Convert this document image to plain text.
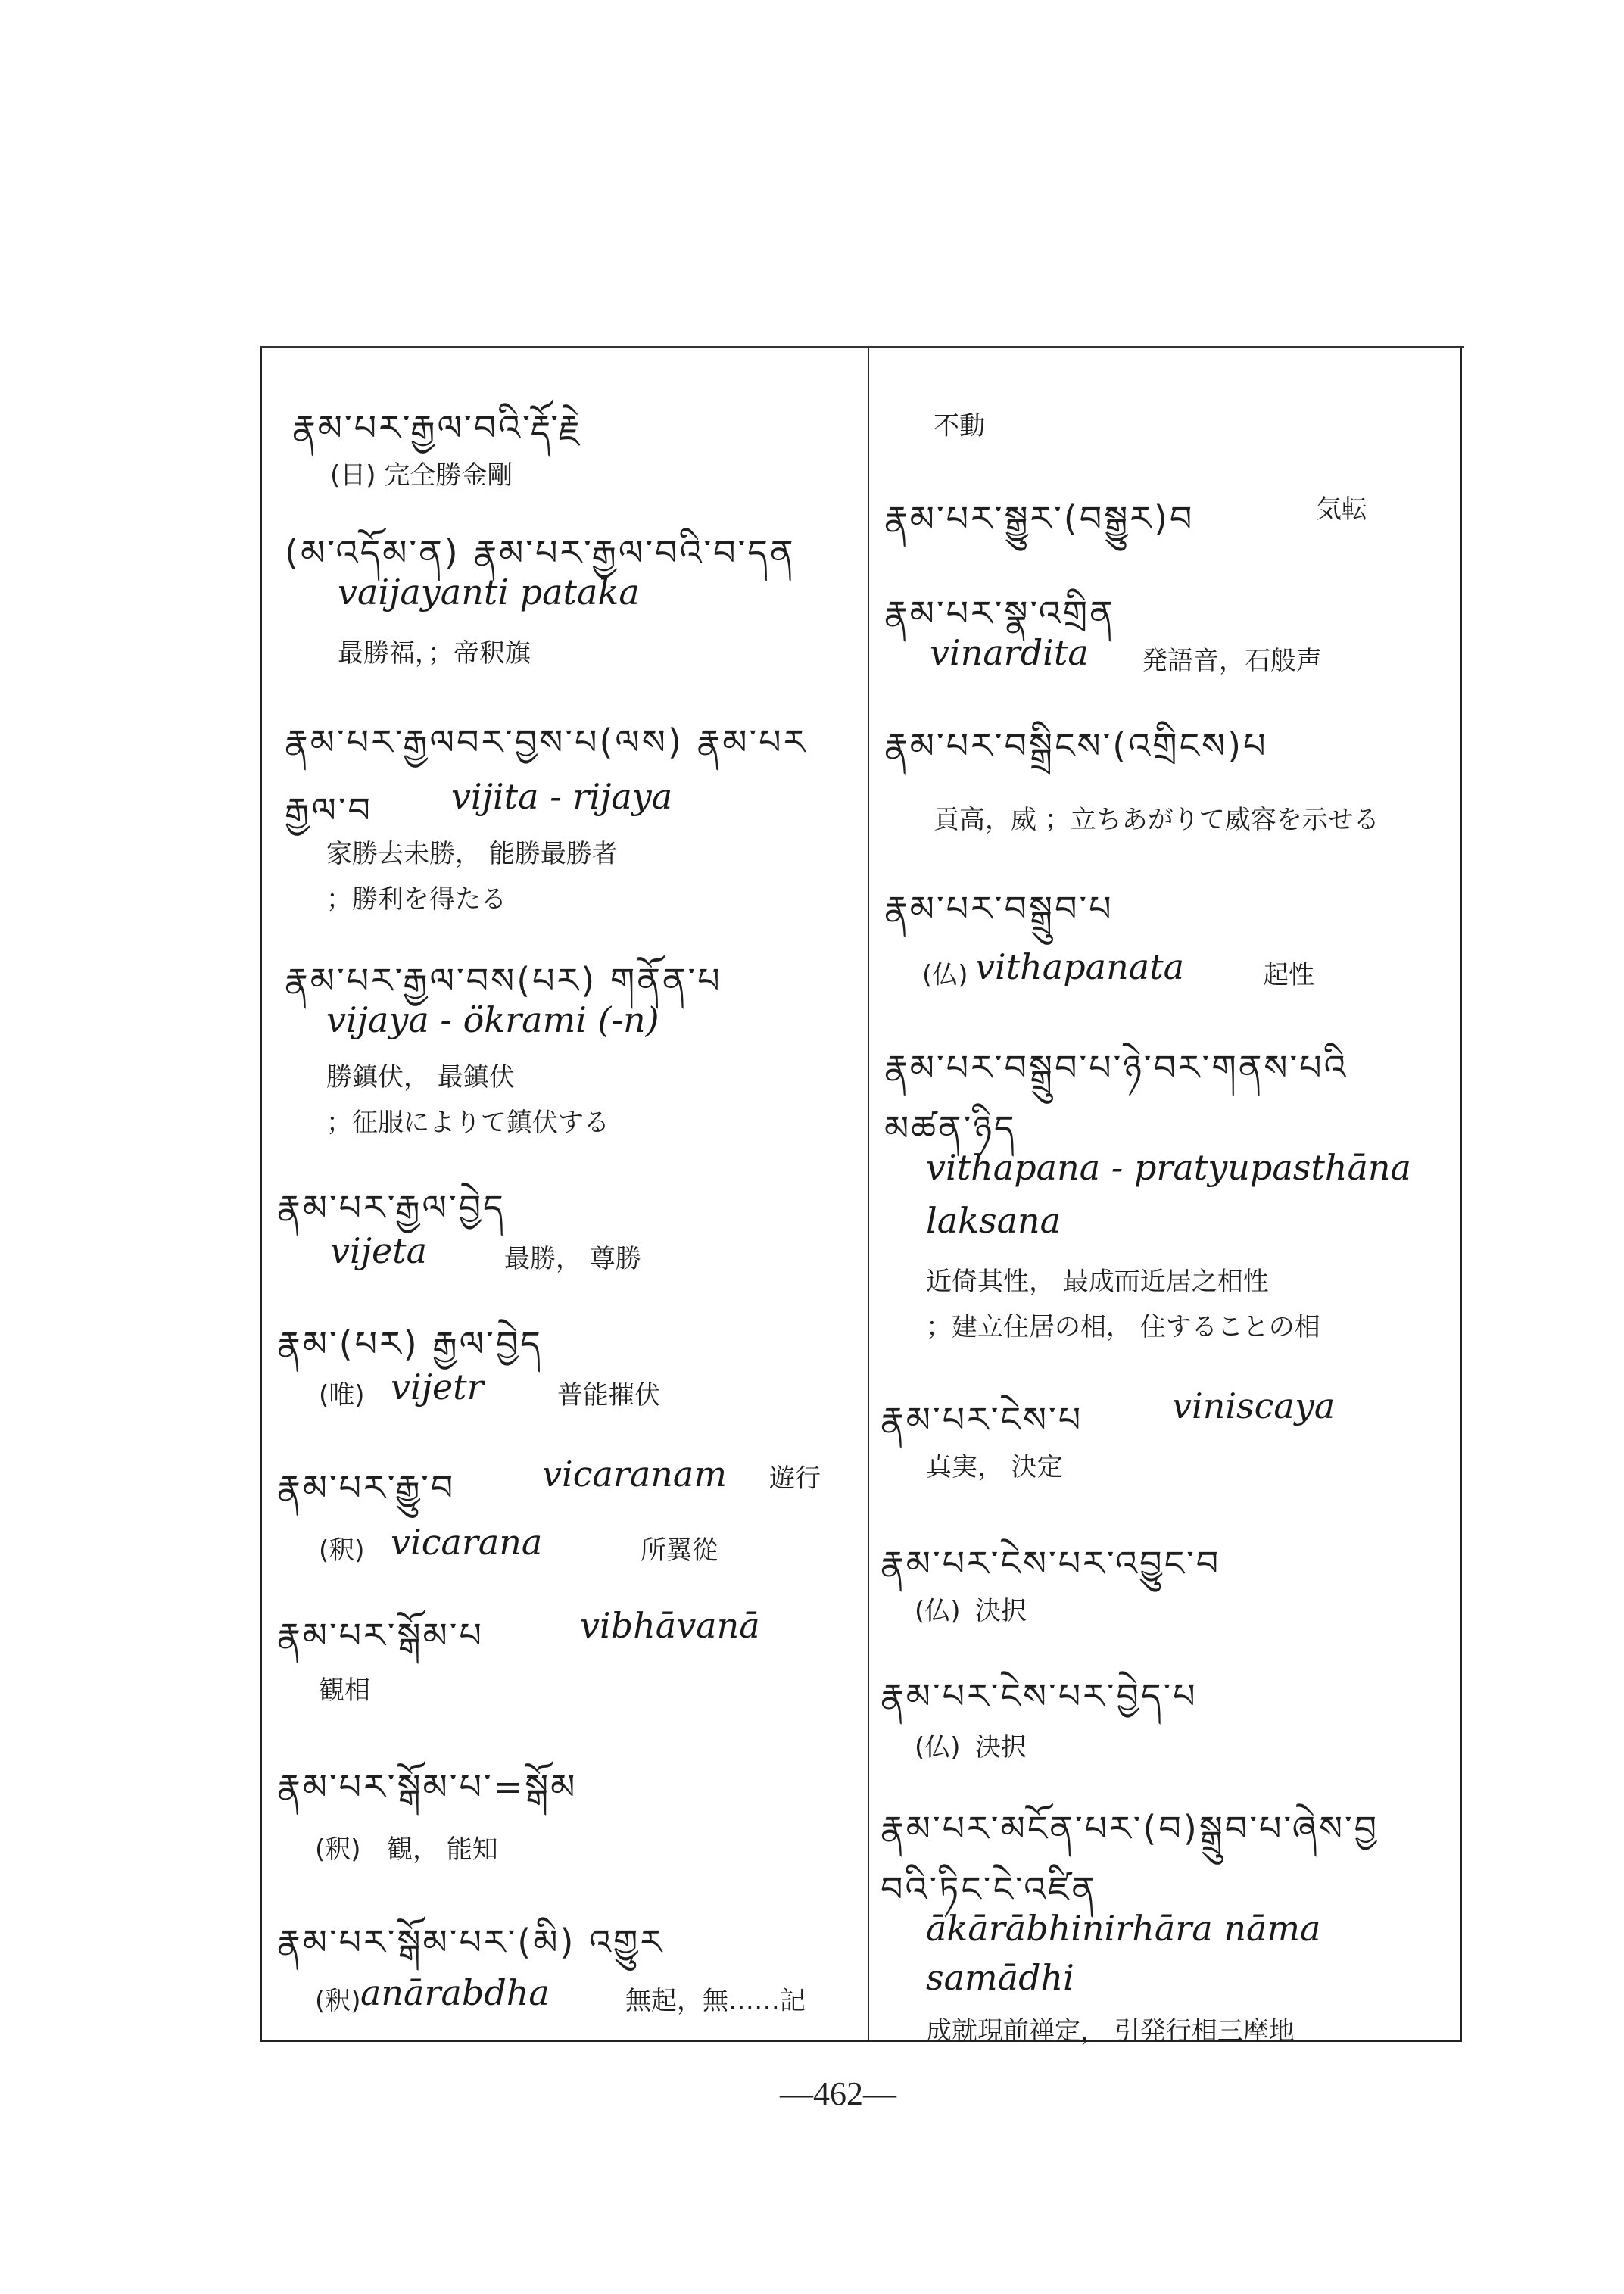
རྣམ་པར་རྒྱལ་བའི་རྡོ་རྗེ
(日) 完全勝金剛
(མ་འདོམ་ན) རྣམ་པར་རྒྱལ་བའི་བ་དན
vaijayanti pataka
最勝福，；帝釈旗
རྣམ་པར་རྒྱལབར་བྱས་པ(ལས) རྣམ་པར
རྒྱལ་བ vijita - rijaya
家勝去未勝， 能勝最勝者
；勝利を得たる
རྣམ་པར་རྒྱལ་བས(པར) གནོན་པ
vijaya - ökrami (-n)
勝鎮伏， 最鎮伏
；征服によりて鎮伏する
རྣམ་པར་རྒྱལ་བྱེད
vijeta	最勝， 尊勝
རྣམ་(པར) རྒྱལ་བྱེད
(唯) vijetr	普能摧伏
རྣམ་པར་རྒྱུ་བ vicaranam 遊行
(釈) vicarana	所翼從
རྣམ་པར་སྒོམ་པ	vibhāvanā
観相
རྣམ་པར་སྒོམ་པ་=སྒོམ
(釈) 観， 能知
རྣམ་པར་སྒོམ་པར་(མི) འགྱུར
(釈) anārabdha	無起，無……記
不動
རྣམ་པར་སྒྱུར་(བསྒྱུར)བ	気転
རྣམ་པར་སྣ་འགྲིན
vinardita 発語音，石般声
རྣམ་པར་བསྒྲིངས་(འགྲིངས)པ
貢高，威 ；立ちあがりて威容を示せる
རྣམ་པར་བསྒྲུབ་པ
(仏) vithapanata	起性
རྣམ་པར་བསྒྲུབ་པ་ཉེ་བར་གནས་པའི
མཚན་ཉིད
vithapana - pratyupasthāna
laksana
近倚其性， 最成而近居之相性
；建立住居の相， 住することの相
རྣམ་པར་ངེས་པ	viniscaya
真実， 決定
རྣམ་པར་ངེས་པར་འབྱུང་བ
(仏) 決択
རྣམ་པར་ངེས་པར་བྱེད་པ
(仏) 決択
རྣམ་པར་མངོན་པར་(བ)སྒྲུབ་པ་ཞེས་བྱ
བའི་ཏིང་ངེ་འཛིན
ākārābhinirhāra nāma
samādhi
成就現前禅定， 引発行相三摩地
—462—
